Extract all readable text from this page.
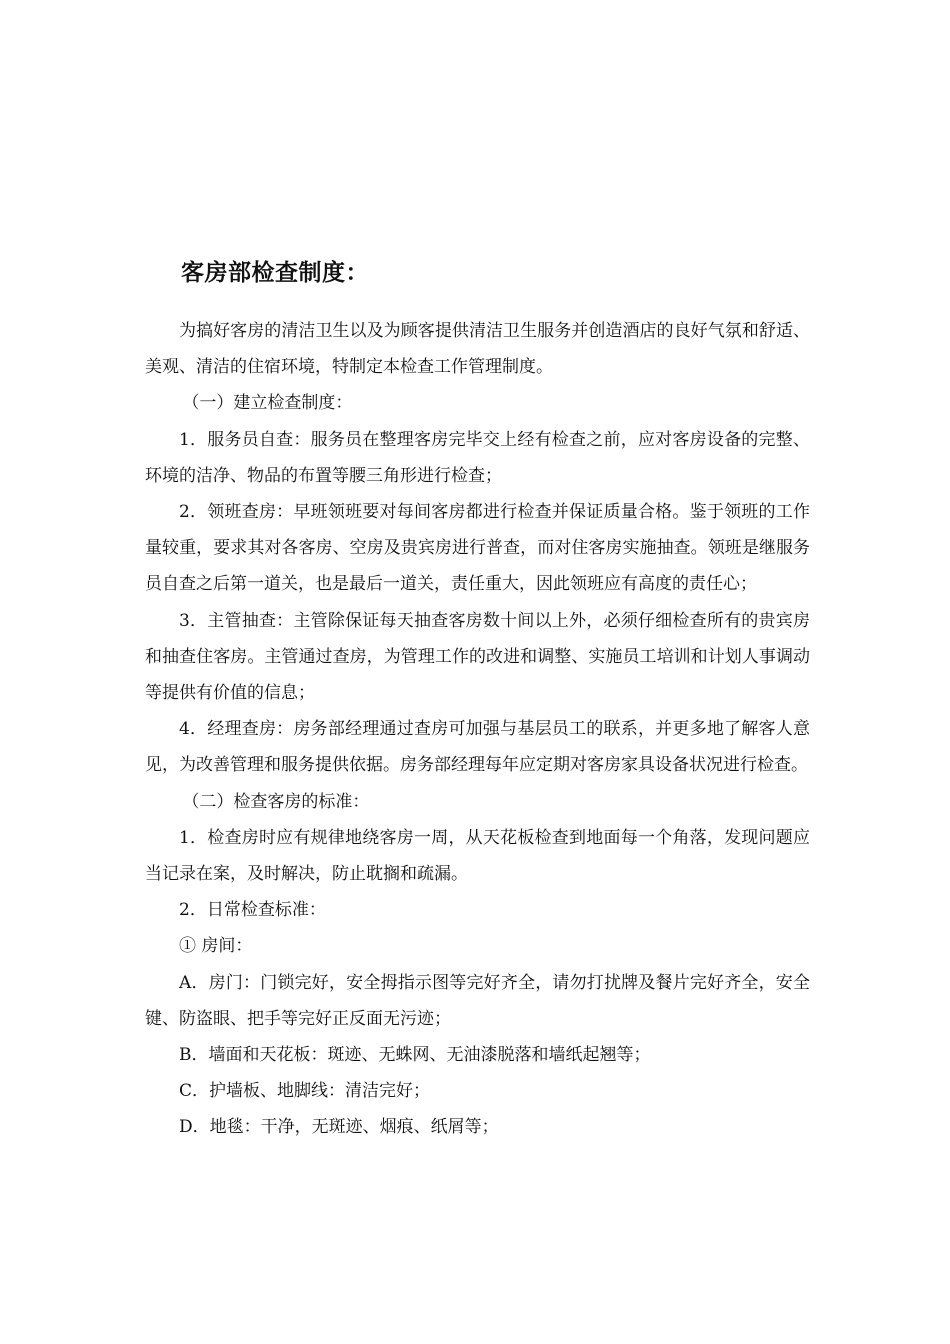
客房部检查制度：

为搞好客房的清洁卫生以及为顾客提供清洁卫生服务并创造酒店的良好气氛和舒适、美观、清洁的住宿环境，特制定本检查工作管理制度。

（一）建立检查制度：

1．服务员自查：服务员在整理客房完毕交上经有检查之前，应对客房设备的完整、环境的洁净、物品的布置等腰三角形进行检查；

2．领班查房：早班领班要对每间客房都进行检查并保证质量合格。鉴于领班的工作量较重，要求其对各客房、空房及贵宾房进行普查，而对住客房实施抽查。领班是继服务员自查之后第一道关，也是最后一道关，责任重大，因此领班应有高度的责任心；

3．主管抽查：主管除保证每天抽查客房数十间以上外，必须仔细检查所有的贵宾房和抽查住客房。主管通过查房，为管理工作的改进和调整、实施员工培训和计划人事调动等提供有价值的信息；

4．经理查房：房务部经理通过查房可加强与基层员工的联系，并更多地了解客人意见，为改善管理和服务提供依据。房务部经理每年应定期对客房家具设备状况进行检查。

（二）检查客房的标准：

1．检查房时应有规律地绕客房一周，从天花板检查到地面每一个角落，发现问题应当记录在案，及时解决，防止耽搁和疏漏。

2．日常检查标准：

① 房间：

A．房门：门锁完好，安全拇指示图等完好齐全，请勿打扰牌及餐片完好齐全，安全键、防盗眼、把手等完好正反面无污迹；

B．墙面和天花板：斑迹、无蛛网、无油漆脱落和墙纸起翘等；

C．护墙板、地脚线：清洁完好；

D．地毯：干净，无斑迹、烟痕、纸屑等；
